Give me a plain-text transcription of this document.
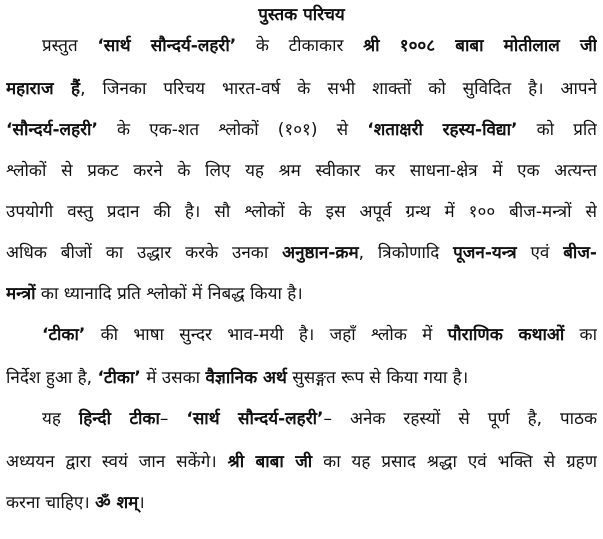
पुस्तक परिचय
प्रस्तुत ‘सार्थ सौन्दर्य-लहरी’ के टीकाकार श्री १००८ बाबा मोतीलाल जी
महाराज हैं, जिनका परिचय भारत-वर्ष के सभी शाक्तों को सुविदित है। आपने
‘सौन्दर्य-लहरी’ के एक-शत श्लोकों (१०१) से ‘शताक्षरी रहस्य-विद्या’ को प्रति
श्लोकों से प्रकट करने के लिए यह श्रम स्वीकार कर साधना-क्षेत्र में एक अत्यन्त
उपयोगी वस्तु प्रदान की है। सौ श्लोकों के इस अपूर्व ग्रन्थ में १०० बीज-मन्त्रों से
अधिक बीजों का उद्धार करके उनका अनुष्ठान-क्रम, त्रिकोणादि पूजन-यन्त्र एवं बीज-
मन्त्रों का ध्यानादि प्रति श्लोकों में निबद्ध किया है।
‘टीका’ की भाषा सुन्दर भाव-मयी है। जहाँ श्लोक में पौराणिक कथाओं का
निर्देश हुआ है, ‘टीका’ में उसका वैज्ञानिक अर्थ सुसङ्गत रूप से किया गया है।
यह हिन्दी टीका– ‘सार्थ सौन्दर्य-लहरी’– अनेक रहस्यों से पूर्ण है, पाठक
अध्ययन द्वारा स्वयं जान सकेंगे। श्री बाबा जी का यह प्रसाद श्रद्धा एवं भक्ति से ग्रहण
करना चाहिए। ॐ शम्।
